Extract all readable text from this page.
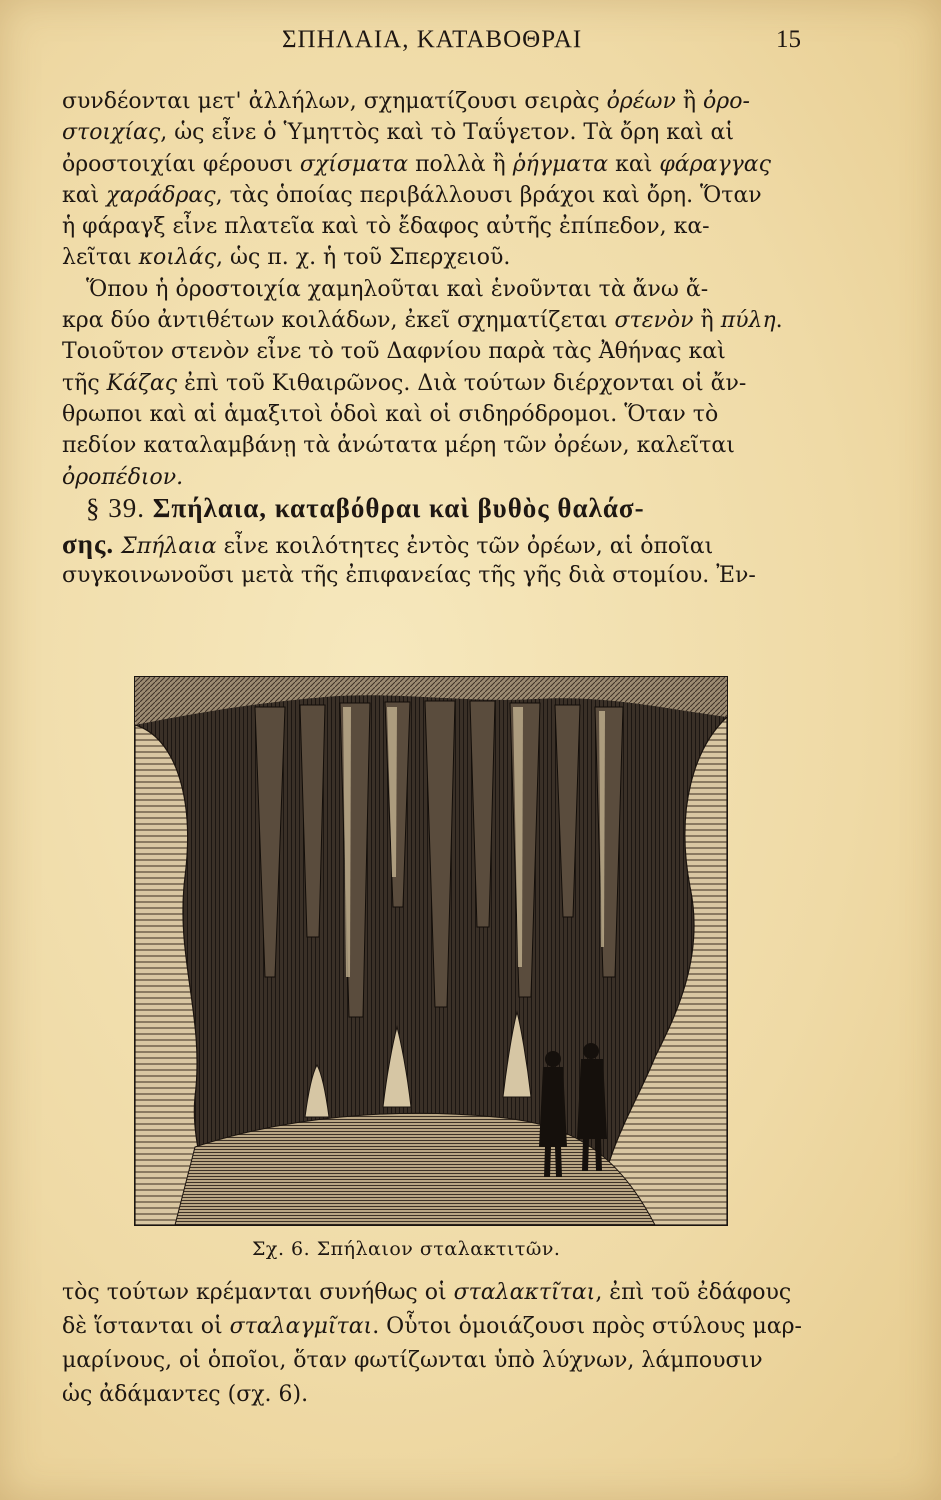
ΣΠΗΛΑΙΑ, ΚΑΤΑΒΟΘΡΑΙ	15
συνδέονται μετ' ἀλλήλων, σχηματίζουσι σειρὰς ὀρέων ἢ ὀρο-
στοιχίας, ὡς εἶνε ὁ Ὑμηττὸς καὶ τὸ Ταΰγετον. Τὰ ὄρη καὶ αἱ
ὀροστοιχίαι φέρουσι σχίσματα πολλὰ ἢ ῥήγματα καὶ φάραγγας
καὶ χαράδρας, τὰς ὁποίας περιβάλλουσι βράχοι καὶ ὄρη. Ὅταν
ἡ φάραγξ εἶνε πλατεῖα καὶ τὸ ἔδαφος αὐτῆς ἐπίπεδον, κα-
λεῖται κοιλάς, ὡς π. χ. ἡ τοῦ Σπερχειοῦ.
Ὅπου ἡ ὀροστοιχία χαμηλοῦται καὶ ἑνοῦνται τὰ ἄνω ἄ-
κρα δύο ἀντιθέτων κοιλάδων, ἐκεῖ σχηματίζεται στενὸν ἢ πύλη.
Τοιοῦτον στενὸν εἶνε τὸ τοῦ Δαφνίου παρὰ τὰς Ἀθήνας καὶ
τῆς Κάζας ἐπὶ τοῦ Κιθαιρῶνος. Διὰ τούτων διέρχονται οἱ ἄν-
θρωποι καὶ αἱ ἁμαξιτοὶ ὁδοὶ καὶ οἱ σιδηρόδρομοι. Ὅταν τὸ
πεδίον καταλαμβάνῃ τὰ ἀνώτατα μέρη τῶν ὀρέων, καλεῖται
ὀροπέδιον.
§ 39. Σπήλαια, καταβόθραι καὶ βυθὸς θαλάσ-
σης. Σπήλαια εἶνε κοιλότητες ἐντὸς τῶν ὀρέων, αἱ ὁποῖαι
συγκοινωνοῦσι μετὰ τῆς ἐπιφανείας τῆς γῆς διὰ στομίου. Ἐν-
Σχ. 6. Σπήλαιον σταλακτιτῶν.
τὸς τούτων κρέμανται συνήθως οἱ σταλακτῖται, ἐπὶ τοῦ ἐδάφους
δὲ ἵστανται οἱ σταλαγμῖται. Οὗτοι ὁμοιάζουσι πρὸς στύλους μαρ-
μαρίνους, οἱ ὁποῖοι, ὅταν φωτίζωνται ὑπὸ λύχνων, λάμπουσιν
ὡς ἀδάμαντες (σχ. 6).
